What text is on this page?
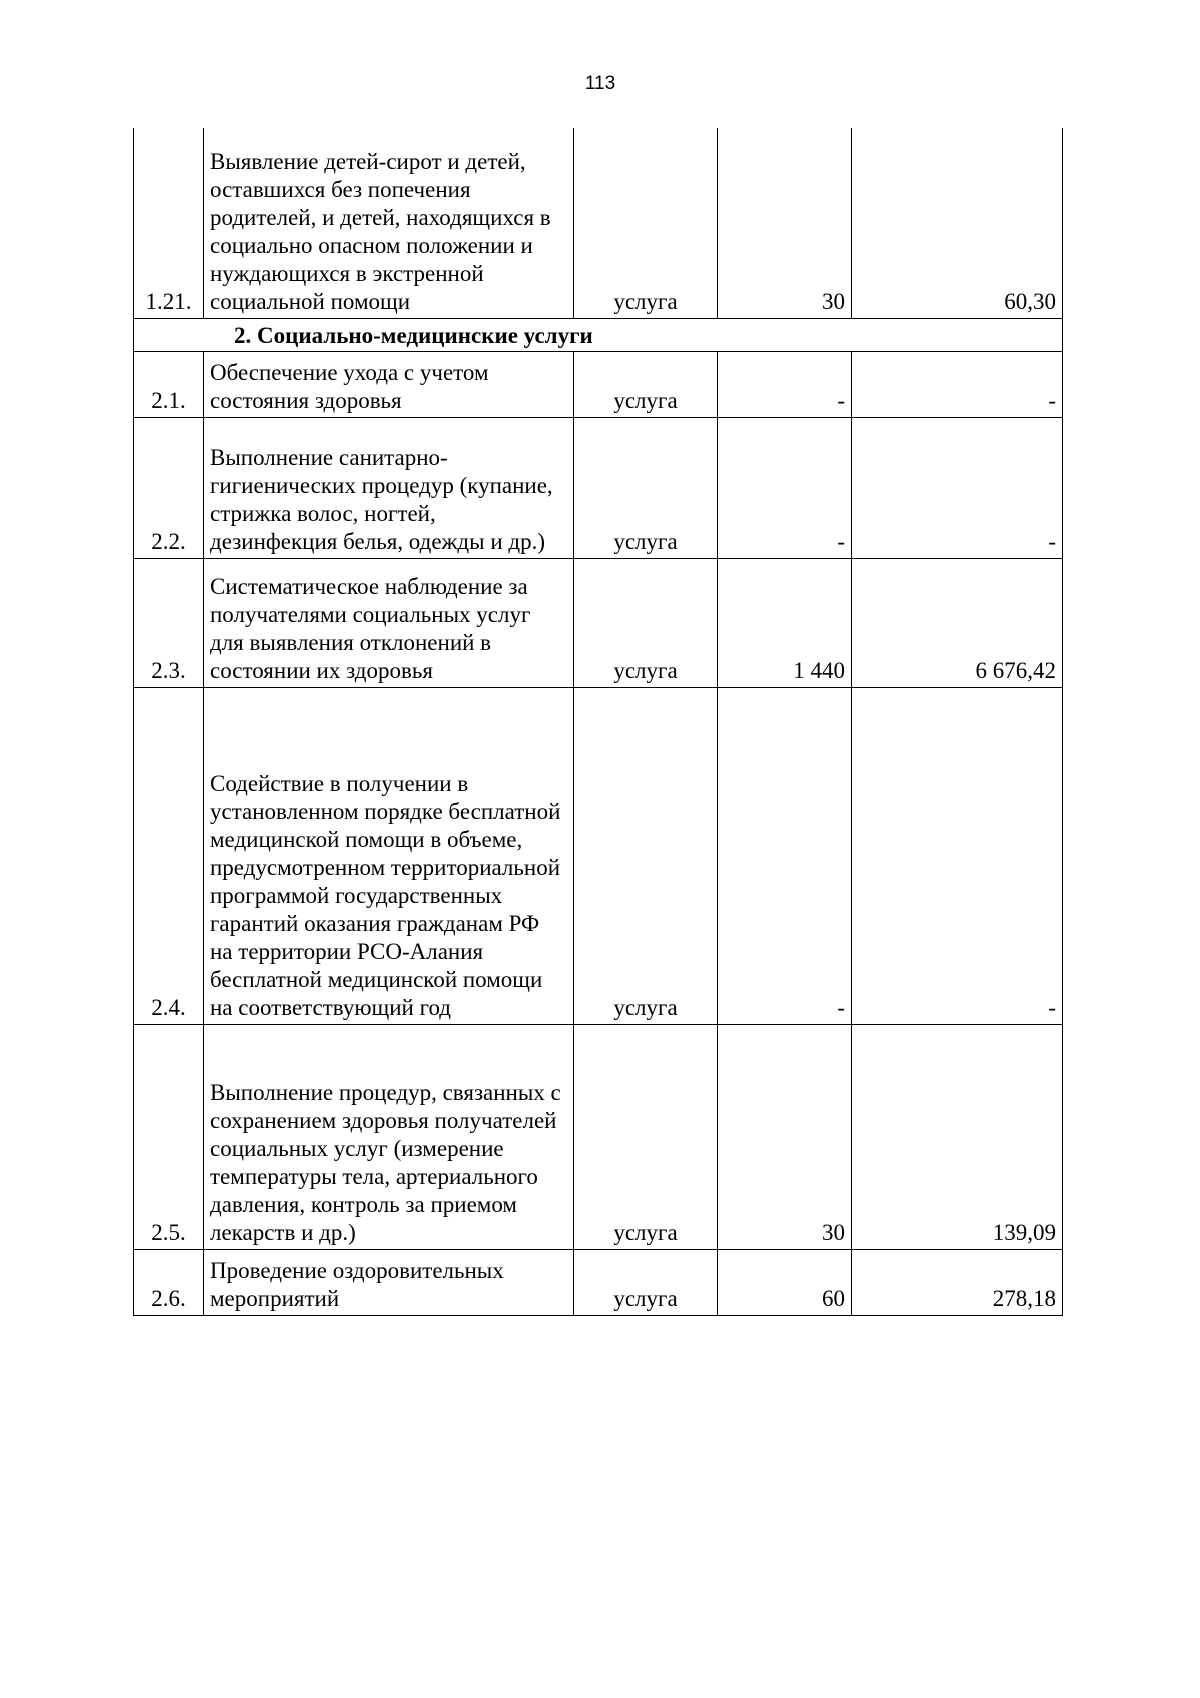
113
1.21.	Выявление детей-сирот и детей, оставшихся без попечения родителей, и детей, находящихся в социально опасном положении и нуждающихся в экстренной социальной помощи	услуга	30	60,30
2. Социально-медицинские услуги				
2.1.	Обеспечение ухода с учетом состояния здоровья	услуга	-	-
2.2.	Выполнение санитарно-гигиенических процедур (купание, стрижка волос, ногтей, дезинфекция белья, одежды и др.)	услуга	-	-
2.3.	Систематическое наблюдение за получателями социальных услуг для выявления отклонений в состоянии их здоровья	услуга	1 440	6 676,42
2.4.	Содействие в получении в установленном порядке бесплатной медицинской помощи в объеме, предусмотренном территориальной программой государственных гарантий оказания гражданам РФ на территории РСО-Алания бесплатной медицинской помощи на соответствующий год	услуга	-	-
2.5.	Выполнение процедур, связанных с сохранением здоровья получателей социальных услуг (измерение температуры тела, артериального давления, контроль за приемом лекарств и др.)	услуга	30	139,09
2.6.	Проведение оздоровительных мероприятий	услуга	60	278,18
